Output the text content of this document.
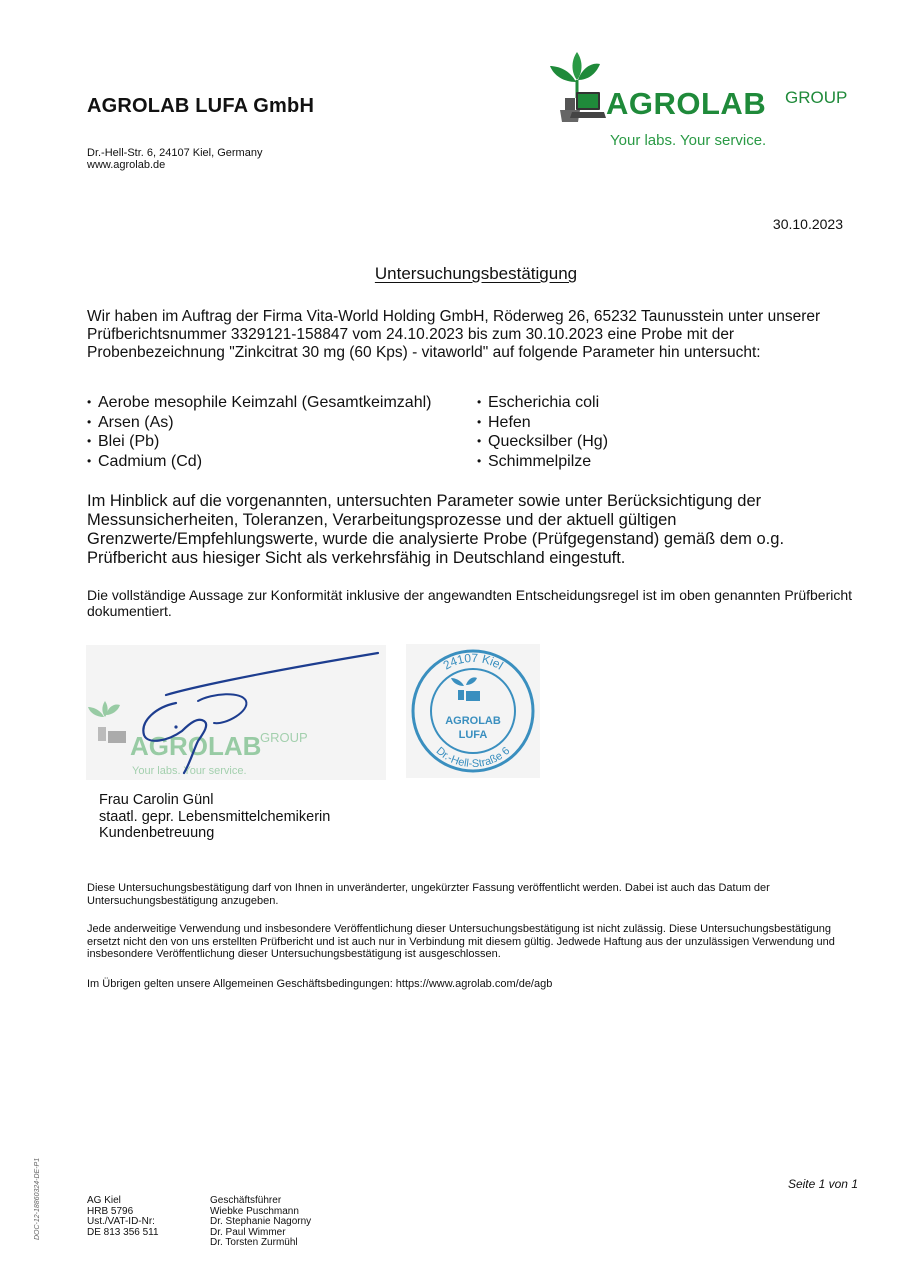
AGROLAB LUFA GmbH
Dr.-Hell-Str. 6, 24107 Kiel, Germany
www.agrolab.de
AGROLAB GROUP
Your labs. Your service.
30.10.2023
Untersuchungsbestätigung

Wir haben im Auftrag der Firma Vita-World Holding GmbH, Röderweg 26, 65232 Taunusstein unter unserer Prüfberichtsnummer 3329121-158847 vom 24.10.2023 bis zum 30.10.2023 eine Probe mit der Probenbezeichnung "Zinkcitrat 30 mg (60 Kps) - vitaworld" auf folgende Parameter hin untersucht:

• Aerobe mesophile Keimzahl (Gesamtkeimzahl)
• Arsen (As)
• Blei (Pb)
• Cadmium (Cd)
• Escherichia coli
• Hefen
• Quecksilber (Hg)
• Schimmelpilze

Im Hinblick auf die vorgenannten, untersuchten Parameter sowie unter Berücksichtigung der Messunsicherheiten, Toleranzen, Verarbeitungsprozesse und der aktuell gültigen Grenzwerte/Empfehlungswerte, wurde die analysierte Probe (Prüfgegenstand) gemäß dem o.g. Prüfbericht aus hiesiger Sicht als verkehrsfähig in Deutschland eingestuft.

Die vollständige Aussage zur Konformität inklusive der angewandten Entscheidungsregel ist im oben genannten Prüfbericht dokumentiert.

AGROLAB
GROUP
Your labs. Your service.
24107 Kiel
Dr.-Hell-Straße 6
AGROLAB
LUFA
Frau Carolin Günl
staatl. gepr. Lebensmittelchemikerin
Kundenbetreuung

Diese Untersuchungsbestätigung darf von Ihnen in unveränderter, ungekürzter Fassung veröffentlicht werden. Dabei ist auch das Datum der Untersuchungsbestätigung anzugeben.

Jede anderweitige Verwendung und insbesondere Veröffentlichung dieser Untersuchungsbestätigung ist nicht zulässig. Diese Untersuchungsbestätigung ersetzt nicht den von uns erstellten Prüfbericht und ist auch nur in Verbindung mit diesem gültig. Jedwede Haftung aus der unzulässigen Verwendung und insbesondere Veröffentlichung dieser Untersuchungsbestätigung ist ausgeschlossen.

Im Übrigen gelten unsere Allgemeinen Geschäftsbedingungen: https://www.agrolab.com/de/agb

DOC-12-18860324-DE-P1	Seite 1 von 1
AG Kiel
HRB 5796
Ust./VAT-ID-Nr:
DE 813 356 511
Geschäftsführer
Wiebke Puschmann
Dr. Stephanie Nagorny
Dr. Paul Wimmer
Dr. Torsten Zurmühl
